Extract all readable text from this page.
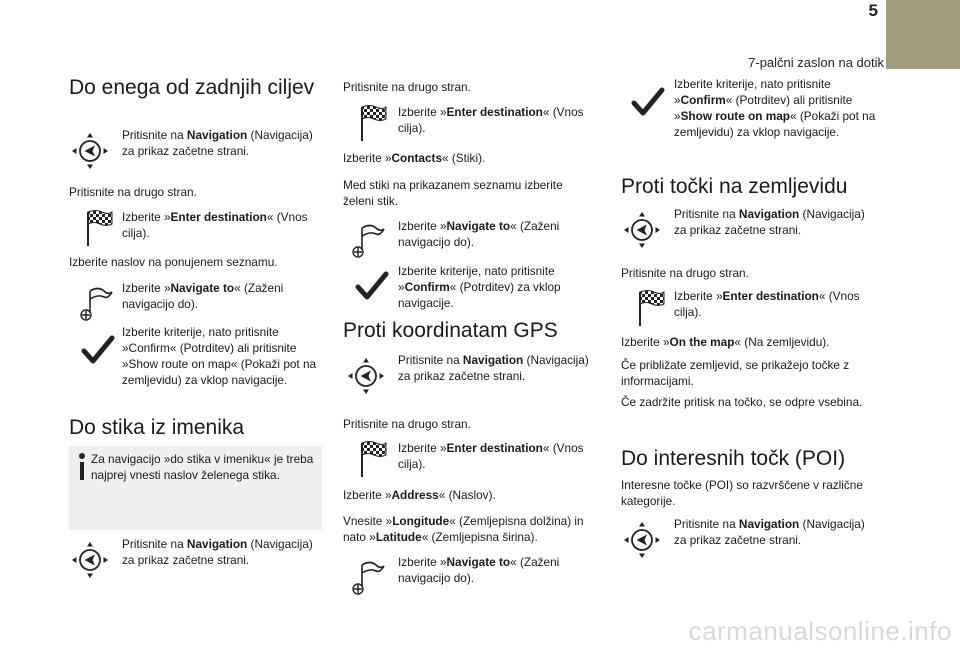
5
7-palčni zaslon na dotik
Do enega od zadnjih ciljev
Pritisnite na Navigation (Navigacija) za prikaz začetne strani.
Pritisnite na drugo stran.
Izberite »Enter destination« (Vnos cilja).
Izberite naslov na ponujenem seznamu.
Izberite »Navigate to« (Zaženi navigacijo do).
Izberite kriterije, nato pritisnite »Confirm« (Potrditev) ali pritisnite »Show route on map« (Pokaži pot na zemljevidu) za vklop navigacije.
Do stika iz imenika
Za navigacijo »do stika v imeniku« je treba najprej vnesti naslov želenega stika.
Pritisnite na Navigation (Navigacija) za prikaz začetne strani.
Pritisnite na drugo stran.
Izberite »Enter destination« (Vnos cilja).
Izberite »Contacts« (Stiki).
Med stiki na prikazanem seznamu izberite želeni stik.
Izberite »Navigate to« (Zaženi navigacijo do).
Izberite kriterije, nato pritisnite »Confirm« (Potrditev) za vklop navigacije.
Proti koordinatam GPS
Pritisnite na Navigation (Navigacija) za prikaz začetne strani.
Pritisnite na drugo stran.
Izberite »Enter destination« (Vnos cilja).
Izberite »Address« (Naslov).
Vnesite »Longitude« (Zemljepisna dolžina) in nato »Latitude« (Zemljepisna širina).
Izberite »Navigate to« (Zaženi navigacijo do).
Izberite kriterije, nato pritisnite »Confirm« (Potrditev) ali pritisnite »Show route on map« (Pokaži pot na zemljevidu) za vklop navigacije.
Proti točki na zemljevidu
Pritisnite na Navigation (Navigacija) za prikaz začetne strani.
Pritisnite na drugo stran.
Izberite »Enter destination« (Vnos cilja).
Izberite »On the map« (Na zemljevidu).
Če približate zemljevid, se prikažejo točke z informacijami.
Če zadržite pritisk na točko, se odpre vsebina.
Do interesnih točk (POI)
Interesne točke (POI) so razvrščene v različne kategorije.
Pritisnite na Navigation (Navigacija) za prikaz začetne strani.
carmanualsonline.info
